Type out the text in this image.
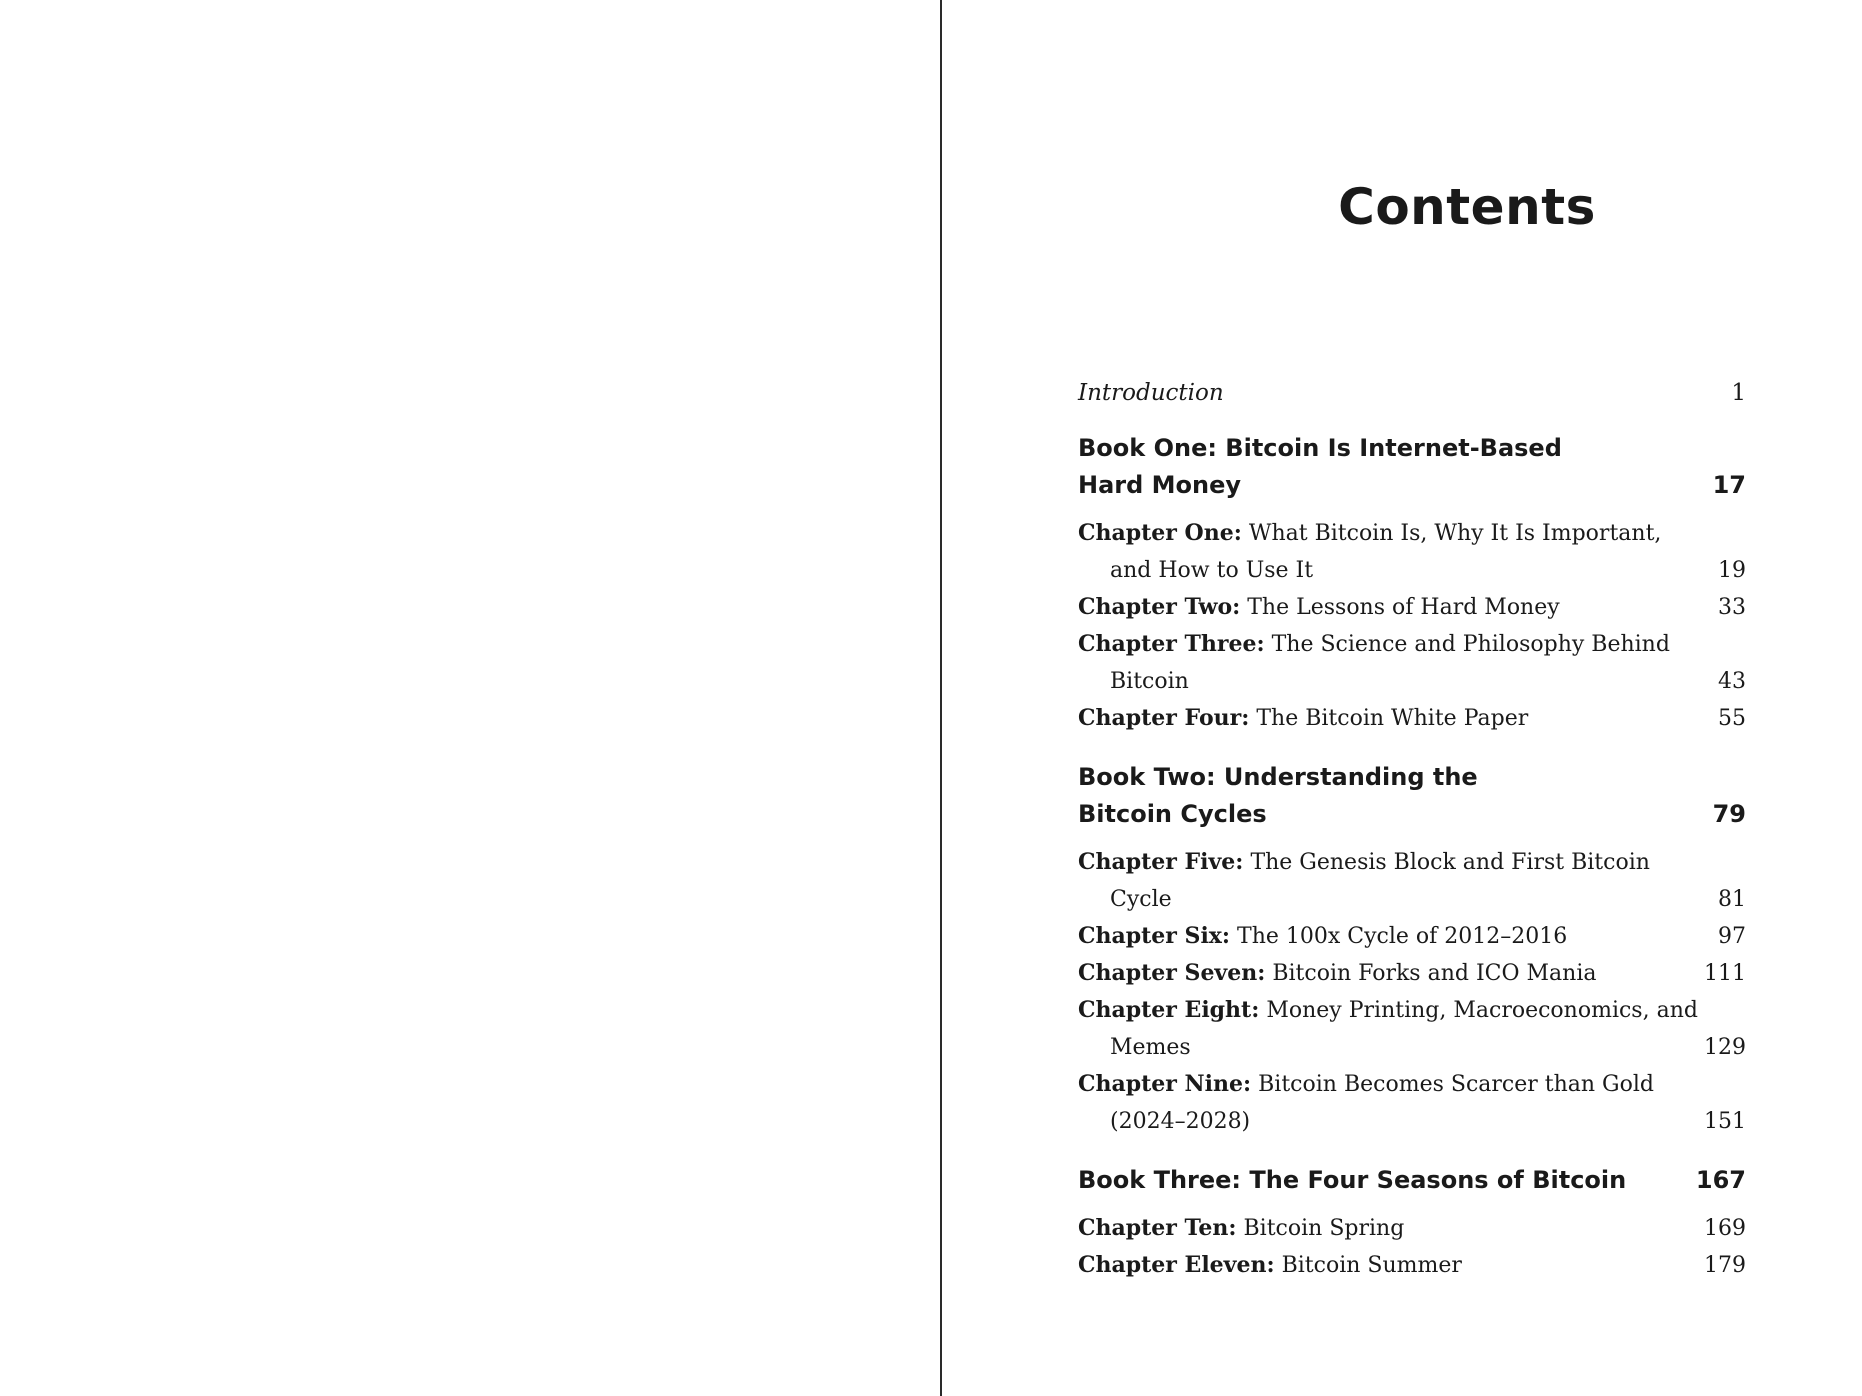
Contents
Introduction	1
Book One: Bitcoin Is Internet-Based
Hard Money	17
Chapter One: What Bitcoin Is, Why It Is Important, and How to Use It	19
Chapter Two: The Lessons of Hard Money	33
Chapter Three: The Science and Philosophy Behind Bitcoin	43
Chapter Four: The Bitcoin White Paper	55
Book Two: Understanding the
Bitcoin Cycles	79
Chapter Five: The Genesis Block and First Bitcoin Cycle	81
Chapter Six: The 100x Cycle of 2012–2016	97
Chapter Seven: Bitcoin Forks and ICO Mania	111
Chapter Eight: Money Printing, Macroeconomics, and Memes	129
Chapter Nine: Bitcoin Becomes Scarcer than Gold (2024–2028)	151
Book Three: The Four Seasons of Bitcoin	167
Chapter Ten: Bitcoin Spring	169
Chapter Eleven: Bitcoin Summer	179
